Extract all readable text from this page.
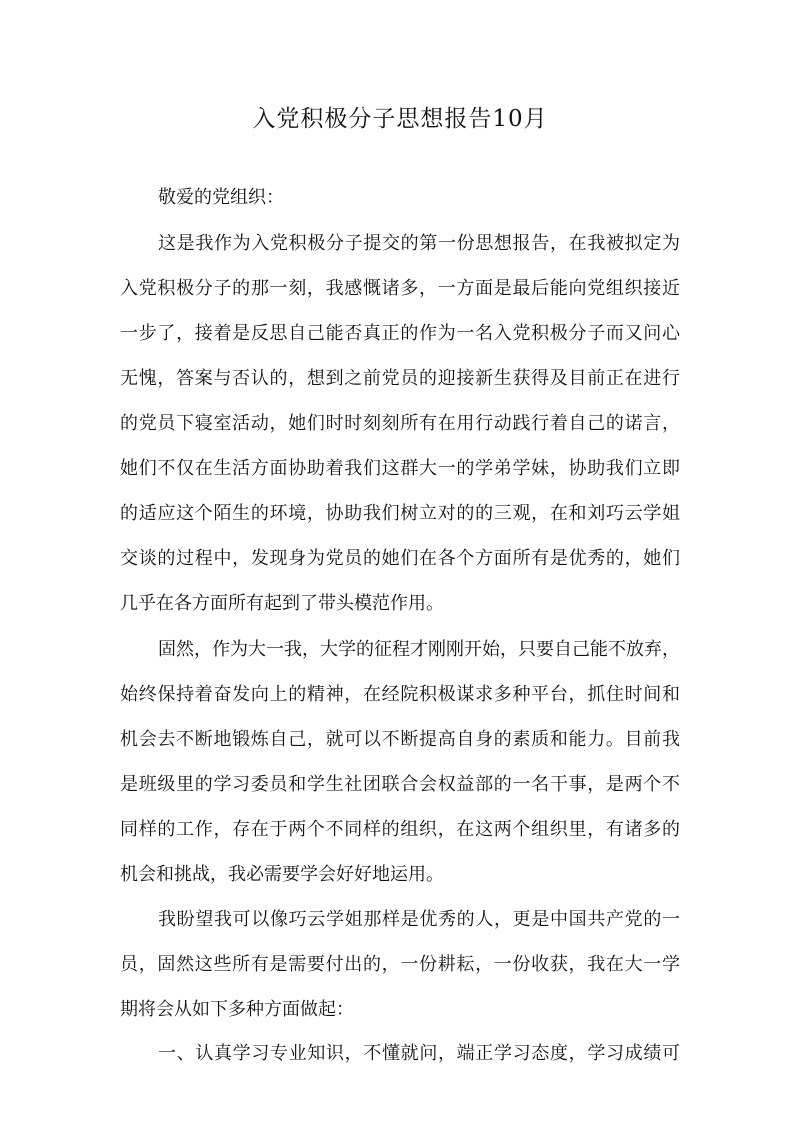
入党积极分子思想报告10月
敬爱的党组织：
这是我作为入党积极分子提交的第一份思想报告，在我被拟定为
入党积极分子的那一刻，我感慨诸多，一方面是最后能向党组织接近
一步了，接着是反思自己能否真正的作为一名入党积极分子而又问心
无愧，答案与否认的，想到之前党员的迎接新生获得及目前正在进行
的党员下寝室活动，她们时时刻刻所有在用行动践行着自己的诺言，
她们不仅在生活方面协助着我们这群大一的学弟学妹，协助我们立即
的适应这个陌生的环境，协助我们树立对的的三观，在和刘巧云学姐
交谈的过程中，发现身为党员的她们在各个方面所有是优秀的，她们
几乎在各方面所有起到了带头模范作用。
固然，作为大一我，大学的征程才刚刚开始，只要自己能不放弃，
始终保持着奋发向上的精神，在经院积极谋求多种平台，抓住时间和
机会去不断地锻炼自己，就可以不断提高自身的素质和能力。目前我
是班级里的学习委员和学生社团联合会权益部的一名干事，是两个不
同样的工作，存在于两个不同样的组织，在这两个组织里，有诸多的
机会和挑战，我必需要学会好好地运用。
我盼望我可以像巧云学姐那样是优秀的人，更是中国共产党的一
员，固然这些所有是需要付出的，一份耕耘，一份收获，我在大一学
期将会从如下多种方面做起：
一、认真学习专业知识，不懂就问，端正学习态度，学习成绩可
